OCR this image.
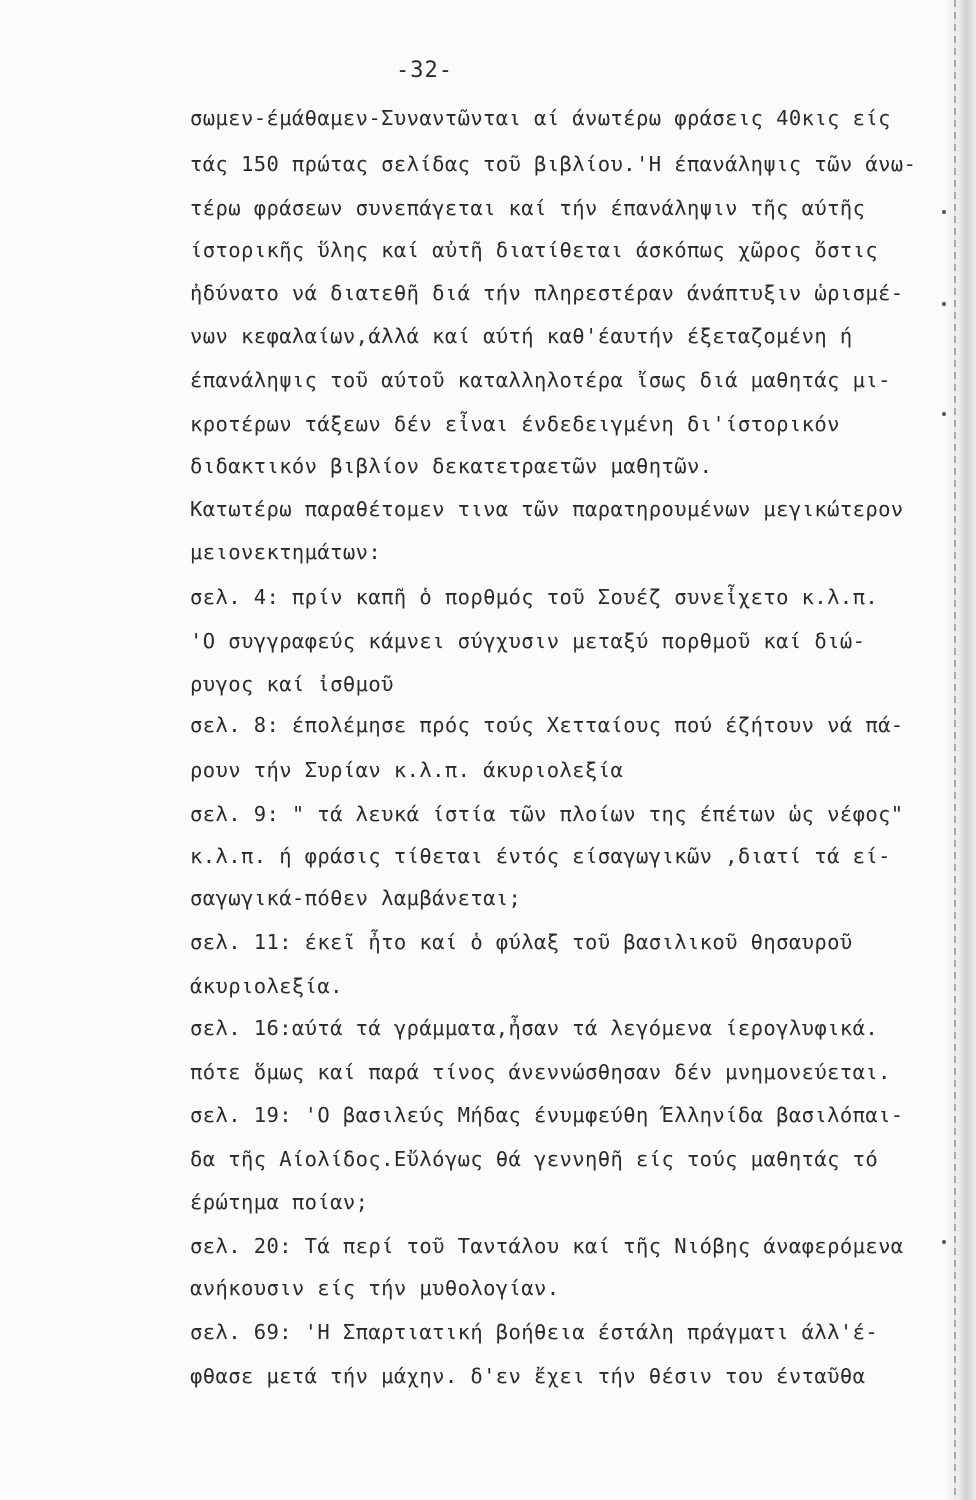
-32-
σωμεν-έμάθαμεν-Συναντῶνται αί άνωτέρω φράσεις 40κις είς
τάς 150 πρώτας σελίδας τοῦ βιβλίου.'Η έπανάληψις τῶν άνω-
τέρω φράσεων συνεπάγεται καί τήν έπανάληψιν τῆς αύτῆς
ίστορικῆς ὕλης καί αὐτῆ διατίθεται άσκόπως χῶρος ὄστις
ἠδύνατο νά διατεθῆ διά τήν πληρεστέραν άνάπτυξιν ὡρισμέ-
νων κεφαλαίων,άλλά καί αύτή καθ'έαυτήν έξεταζομένη ή
έπανάληψις τοῦ αύτοῦ καταλληλοτέρα ἴσως διά μαθητάς μι-
κροτέρων τάξεων δέν εἶναι ένδεδειγμένη δι'ίστορικόν
διδακτικόν βιβλίον δεκατετραετῶν μαθητῶν.
Κατωτέρω παραθέτομεν τινα τῶν παρατηρουμένων μεγικώτερον
μειονεκτημάτων:
σελ. 4: πρίν καπῆ ὁ πορθμός τοῦ Σουέζ συνεἶχετο κ.λ.π.
'Ο συγγραφεύς κάμνει σύγχυσιν μεταξύ πορθμοῦ καί διώ-
ρυγος καί ἰσθμοῦ
σελ. 8: έπολέμησε πρός τούς Χετταίους πού έζήτουν νά πά-
ρουν τήν Συρίαν κ.λ.π. άκυριολεξία
σελ. 9: " τά λευκά ίστία τῶν πλοίων της έπέτων ὡς νέφος"
κ.λ.π. ή φράσις τίθεται έντός είσαγωγικῶν ,διατί τά εί-
σαγωγικά-πόθεν λαμβάνεται;
σελ. 11: έκεῖ ἦτο καί ὁ φύλαξ τοῦ βασιλικοῦ θησαυροῦ
άκυριολεξία.
σελ. 16:αύτά τά γράμματα,ἦσαν τά λεγόμενα ίερογλυφικά.
πότε ὅμως καί παρά τίνος άνεννώσθησαν δέν μνημονεύεται.
σελ. 19: 'Ο βασιλεύς Μήδας ένυμφεύθη Έλληνίδα βασιλόπαι-
δα τῆς Αίολίδος.Εὔλόγως θά γεννηθῆ είς τούς μαθητάς τό
έρώτημα ποίαν;
σελ. 20: Τά περί τοῦ Ταντάλου καί τῆς Νιόβης άναφερόμενα
ανήκουσιν είς τήν μυθολογίαν.
σελ. 69: 'Η Σπαρτιατική βοήθεια έστάλη πράγματι άλλ'έ-
φθασε μετά τήν μάχην. δ'εν ἔχει τήν θέσιν του ένταῦθα
